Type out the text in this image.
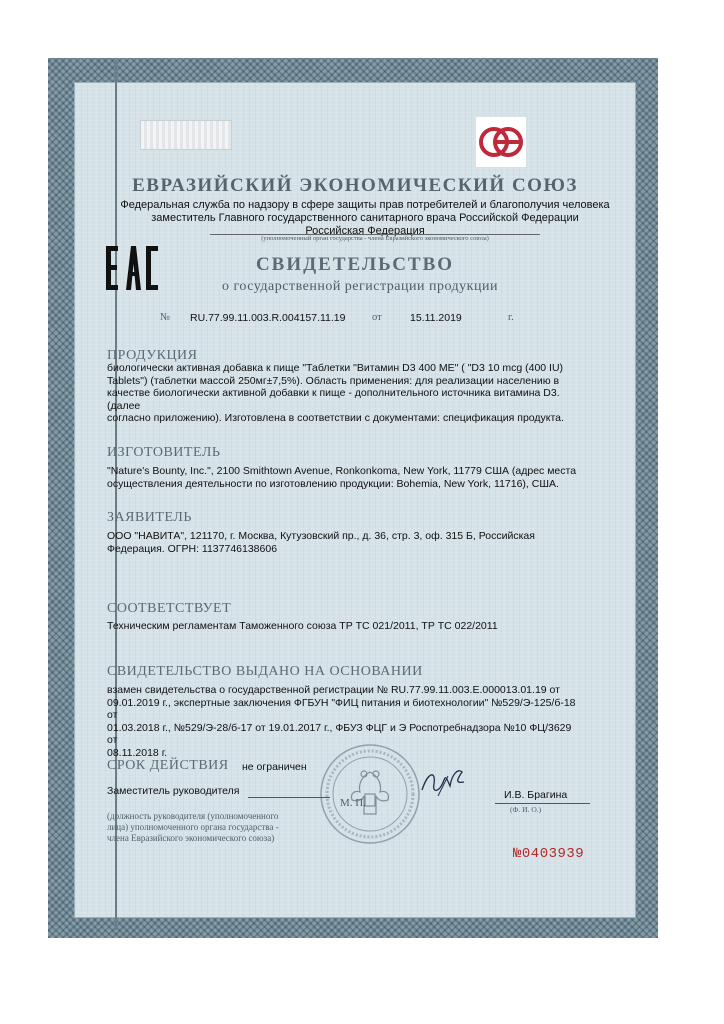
ЕВРАЗИЙСКИЙ ЭКОНОМИЧЕСКИЙ СОЮЗ
Федеральная служба по надзору в сфере защиты прав потребителей и благополучия человека
заместитель Главного государственного санитарного врача Российской Федерации
Российская Федерация
(уполномоченный орган государства - члена Евразийского экономического союза)
СВИДЕТЕЛЬСТВО
о государственной регистрации продукции
№ RU.77.99.11.003.R.004157.11.19	от	15.11.2019	г.
ПРОДУКЦИЯ
биологически активная добавка к пище "Таблетки "Витамин D3 400 МЕ" ( "D3 10 mcg (400 IU)
Tablets") (таблетки массой 250мг±7,5%). Область применения: для реализации населению в
качестве биологически активной добавки к пище - дополнительного источника витамина D3. (далее
согласно приложению). Изготовлена в соответствии с документами: спецификация продукта.
ИЗГОТОВИТЕЛЬ
"Nature's Bounty, Inc.", 2100 Smithtown Avenue, Ronkonkoma, New York, 11779 США (адрес места
осуществления деятельности по изготовлению продукции: Bohemia, New York, 11716), США.
ЗАЯВИТЕЛЬ
ООО "НАВИТА", 121170, г. Москва, Кутузовский пр., д. 36, стр. 3, оф. 315 Б, Российская
Федерация. ОГРН: 1137746138606
СООТВЕТСТВУЕТ
Техническим регламентам Таможенного союза ТР ТС 021/2011, ТР ТС 022/2011
СВИДЕТЕЛЬСТВО ВЫДАНО НА ОСНОВАНИИ
взамен свидетельства о государственной регистрации № RU.77.99.11.003.Е.000013.01.19 от
09.01.2019 г., экспертные заключения ФГБУН "ФИЦ питания и биотехнологии" №529/Э-125/б-18 от
01.03.2018 г., №529/Э-28/б-17 от 19.01.2017 г., ФБУЗ ФЦГ и Э Роспотребнадзора №10 ФЦ/3629 от
08.11.2018 г.
СРОК ДЕЙСТВИЯ не ограничен
М. П.
Заместитель руководителя	И.В. Брагина
(Ф. И. О.)
(должность руководителя (уполномоченного
лица) уполномоченного органа государства -
члена Евразийского экономического союза)
№0403939
